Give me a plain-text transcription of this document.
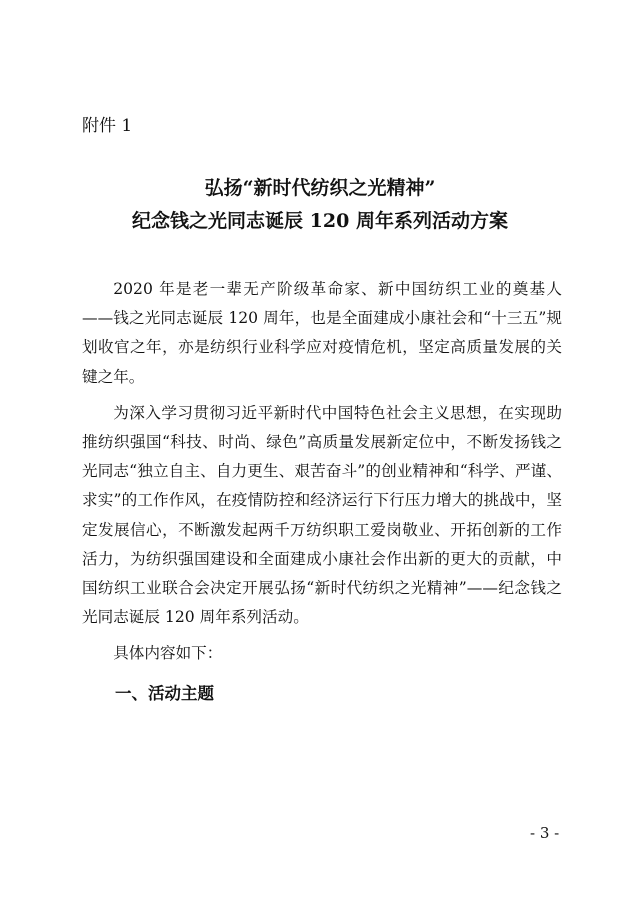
附件 1
弘扬“新时代纺织之光精神”
纪念钱之光同志诞辰 120 周年系列活动方案

2020 年是老一辈无产阶级革命家、新中国纺织工业的奠基人——钱之光同志诞辰 120 周年，也是全面建成小康社会和“十三五”规划收官之年，亦是纺织行业科学应对疫情危机，坚定高质量发展的关键之年。

为深入学习贯彻习近平新时代中国特色社会主义思想，在实现助推纺织强国“科技、时尚、绿色”高质量发展新定位中，不断发扬钱之光同志“独立自主、自力更生、艰苦奋斗”的创业精神和“科学、严谨、求实”的工作作风，在疫情防控和经济运行下行压力增大的挑战中，坚定发展信心，不断激发起两千万纺织职工爱岗敬业、开拓创新的工作活力，为纺织强国建设和全面建成小康社会作出新的更大的贡献，中国纺织工业联合会决定开展弘扬“新时代纺织之光精神”——纪念钱之光同志诞辰 120 周年系列活动。

具体内容如下：

一、活动主题

- 3 -
